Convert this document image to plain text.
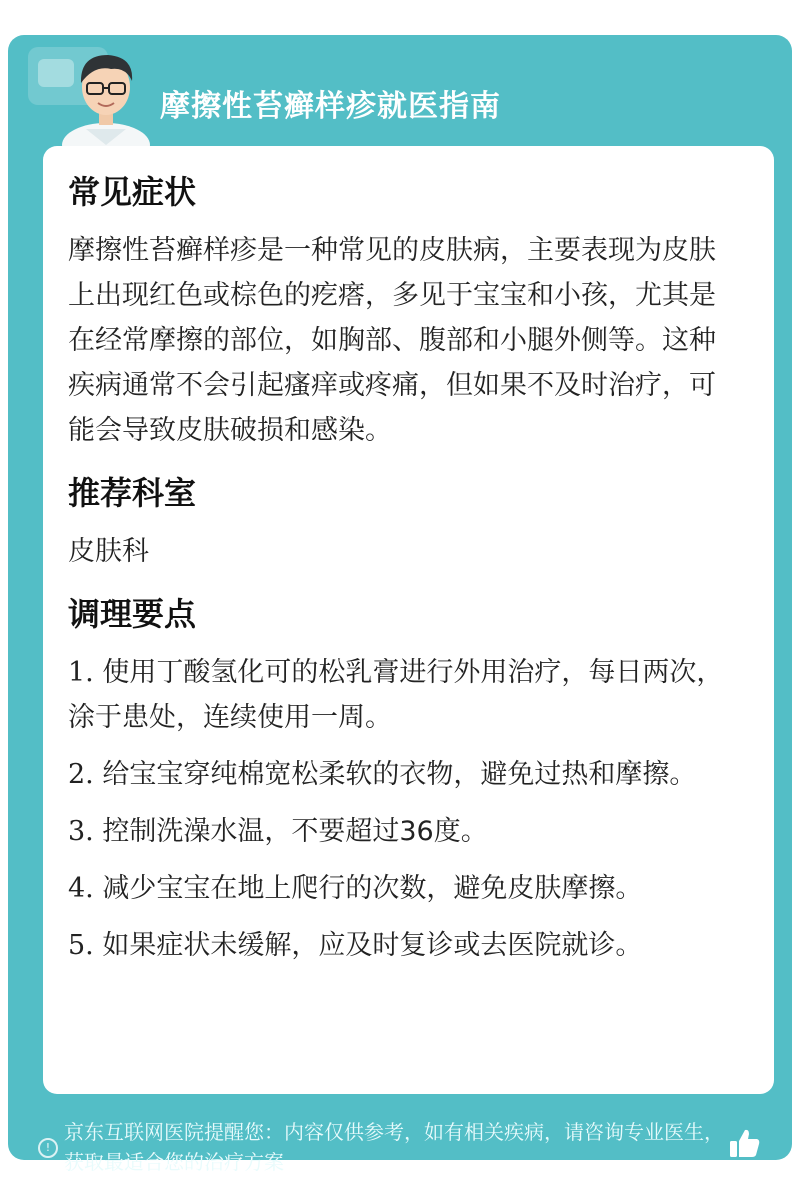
摩擦性苔癣样疹就医指南
常见症状

摩擦性苔癣样疹是一种常见的皮肤病，主要表现为皮肤上出现红色或棕色的疙瘩，多见于宝宝和小孩，尤其是在经常摩擦的部位，如胸部、腹部和小腿外侧等。这种疾病通常不会引起瘙痒或疼痛，但如果不及时治疗，可能会导致皮肤破损和感染。

推荐科室

皮肤科

调理要点
1. 使用丁酸氢化可的松乳膏进行外用治疗，每日两次，涂于患处，连续使用一周。
2. 给宝宝穿纯棉宽松柔软的衣物，避免过热和摩擦。
3. 控制洗澡水温，不要超过36度。
4. 减少宝宝在地上爬行的次数，避免皮肤摩擦。
5. 如果症状未缓解，应及时复诊或去医院就诊。
!
京东互联网医院提醒您：内容仅供参考，如有相关疾病，请咨询专业医生，获取最适合您的治疗方案
